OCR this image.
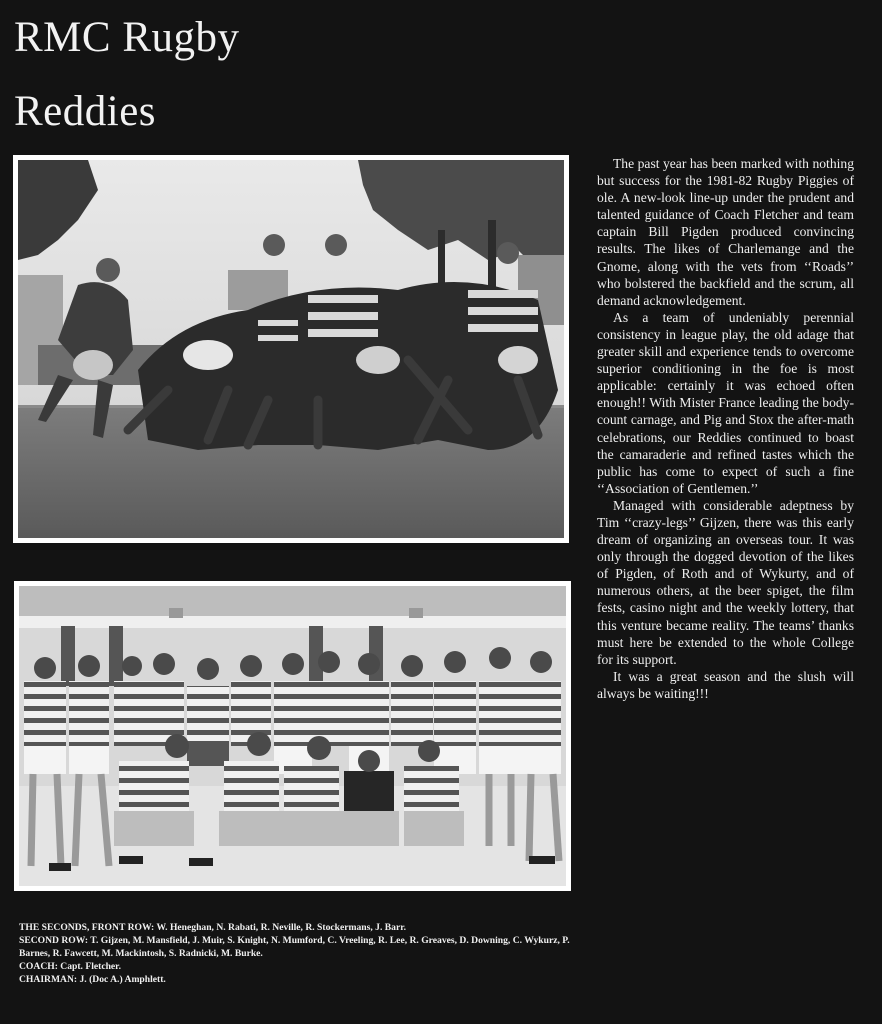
RMC Rugby
Reddies

The past year has been marked with nothing but success for the 1981-82 Rugby Piggies of ole. A new-look line-up under the prudent and talented guidance of Coach Fletcher and team captain Bill Pigden produced convincing results. The likes of Charlemange and the Gnome, along with the vets from ‘‘Roads’’ who bolstered the backfield and the scrum, all demand acknowledgement.

As a team of undeniably perennial consistency in league play, the old adage that greater skill and experience tends to overcome superior conditioning in the foe is most applicable: certainly it was echoed often enough!! With Mister France leading the body-count carnage, and Pig and Stox the after-math celebrations, our Reddies continued to boast the camaraderie and refined tastes which the public has come to expect of such a fine ‘‘Association of Gentlemen.’’

Managed with considerable adeptness by Tim ‘‘crazy-legs’’ Gijzen, there was this early dream of organizing an overseas tour. It was only through the dogged devotion of the likes of Pigden, of Roth and of Wykurty, and of numerous others, at the beer spiget, the film fests, casino night and the weekly lottery, that this venture became reality. The teams’ thanks must here be extended to the whole College for its support.

It was a great season and the slush will always be waiting!!!

THE SECONDS, FRONT ROW: W. Heneghan, N. Rabati, R. Neville, R. Stockermans, J. Barr.
SECOND ROW: T. Gijzen, M. Mansfield, J. Muir, S. Knight, N. Mumford, C. Vreeling, R. Lee, R. Greaves, D. Downing, C. Wykurz, P. Barnes, R. Fawcett, M. Mackintosh, S. Radnicki, M. Burke.
COACH: Capt. Fletcher.
CHAIRMAN: J. (Doc A.) Amphlett.
